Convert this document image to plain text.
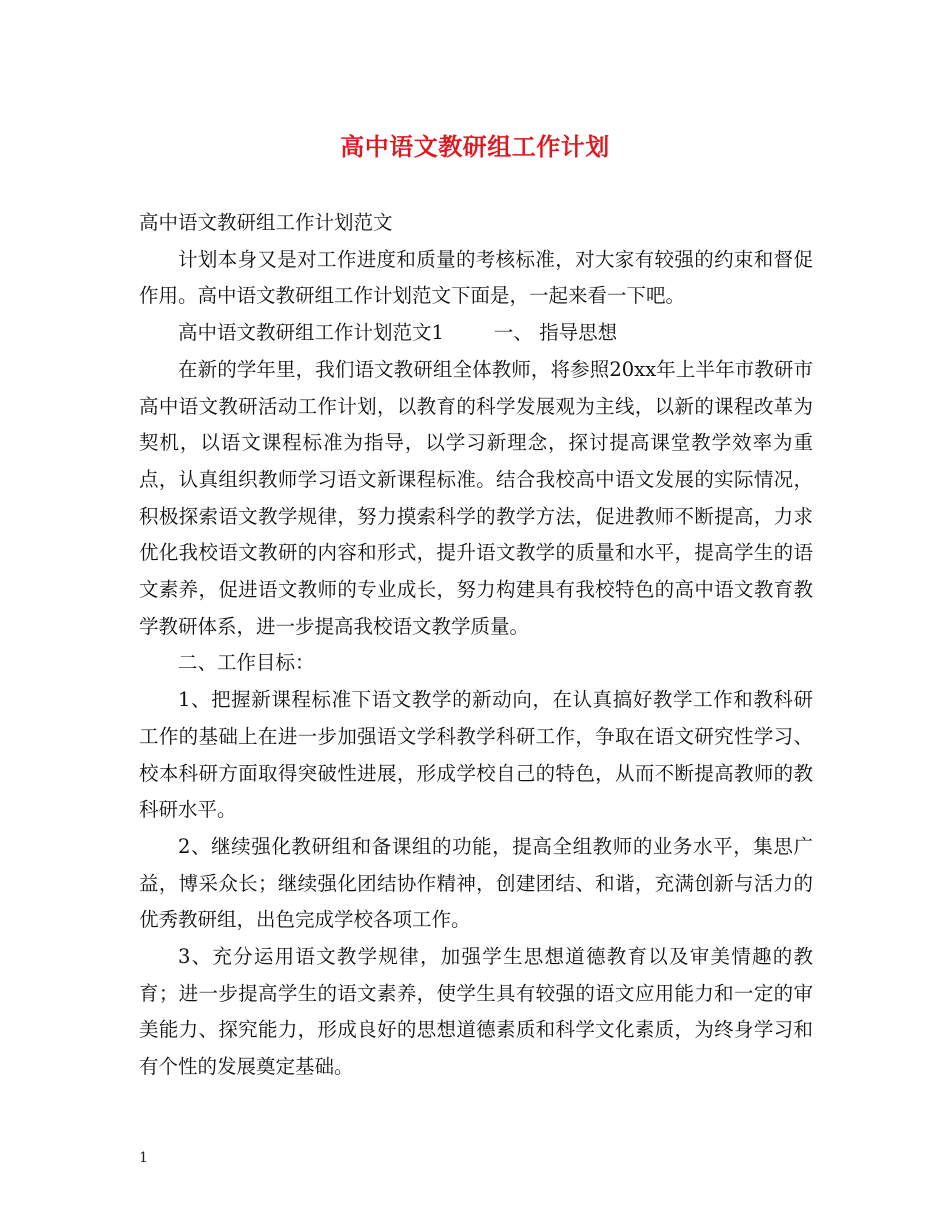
高中语文教研组工作计划

高中语文教研组工作计划范文

计划本身又是对工作进度和质量的考核标准，对大家有较强的约束和督促作用。高中语文教研组工作计划范文下面是，一起来看一下吧。

高中语文教研组工作计划范文1	一、 指导思想

在新的学年里，我们语文教研组全体教师，将参照20xx年上半年市教研市高中语文教研活动工作计划，以教育的科学发展观为主线，以新的课程改革为契机，以语文课程标准为指导，以学习新理念，探讨提高课堂教学效率为重点，认真组织教师学习语文新课程标准。结合我校高中语文发展的实际情况，积极探索语文教学规律，努力摸索科学的教学方法，促进教师不断提高，力求优化我校语文教研的内容和形式，提升语文教学的质量和水平，提高学生的语文素养，促进语文教师的专业成长，努力构建具有我校特色的高中语文教育教学教研体系，进一步提高我校语文教学质量。

二、工作目标：

1、把握新课程标准下语文教学的新动向，在认真搞好教学工作和教科研工作的基础上在进一步加强语文学科教学科研工作，争取在语文研究性学习、校本科研方面取得突破性进展，形成学校自己的特色，从而不断提高教师的教科研水平。

2、继续强化教研组和备课组的功能，提高全组教师的业务水平，集思广益，博采众长；继续强化团结协作精神，创建团结、和谐，充满创新与活力的优秀教研组，出色完成学校各项工作。

3、充分运用语文教学规律，加强学生思想道德教育以及审美情趣的教育；进一步提高学生的语文素养，使学生具有较强的语文应用能力和一定的审美能力、探究能力，形成良好的思想道德素质和科学文化素质，为终身学习和有个性的发展奠定基础。

1
